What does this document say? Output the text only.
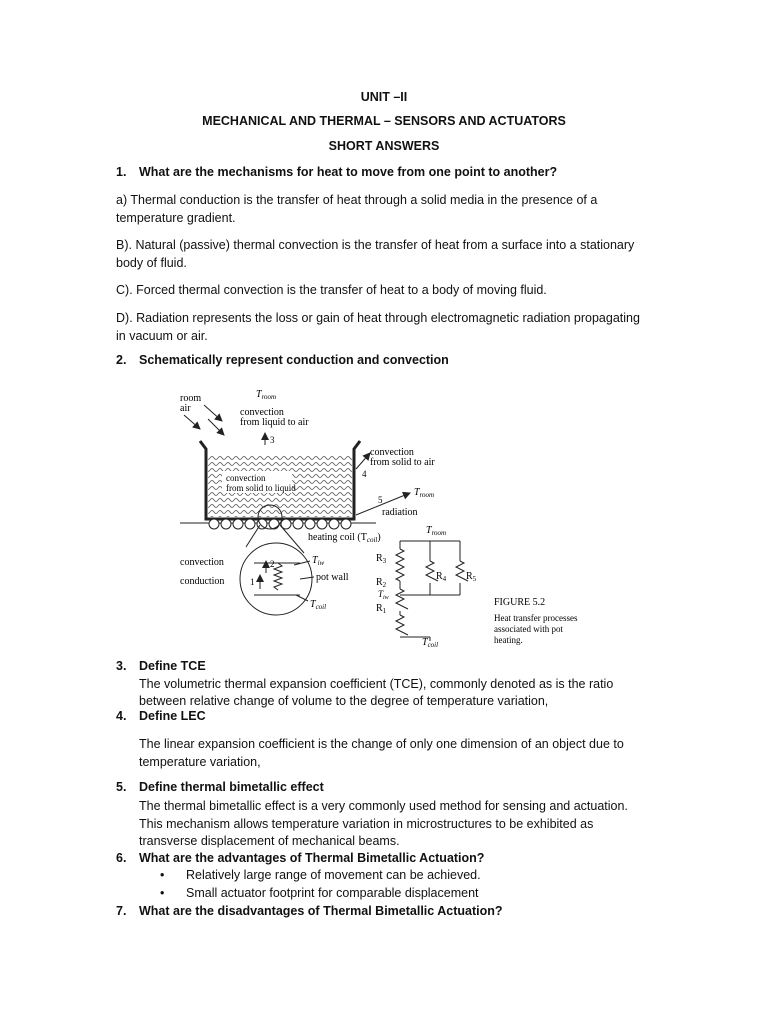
UNIT –II
MECHANICAL AND THERMAL – SENSORS AND ACTUATORS
SHORT ANSWERS
1. What are the mechanisms for heat to move from one point to another?
a) Thermal conduction is the transfer of heat through a solid media in the presence of a
temperature gradient.
B). Natural (passive) thermal convection is the transfer of heat from a surface into a stationary
body of fluid.
C). Forced thermal convection is the transfer of heat to a body of moving fluid.
D). Radiation represents the loss or gain of heat through electromagnetic radiation propagating
in vacuum or air.
2. Schematically represent conduction and convection
room
air
$T_{room}$
convection
from liquid to air
3
convection
from solid to liquid
convection
from solid to air
4
5
$T_{room}$
radiation
heating coil $(T_{coil})$
2
1
convection
conduction
$T_{iw}$
pot wall
$T_{coil}$
$T_{room}$
$R_3$
$R_2$
$T_{iw}$
$R_1$
$R_4$ $R_5$
$T_{coil}$
FIGURE 5.2
Heat transfer processes
associated with pot
heating.
3. Define TCE
The volumetric thermal expansion coefficient (TCE), commonly denoted as is the ratio
between relative change of volume to the degree of temperature variation,
4. Define LEC
The linear expansion coefficient is the change of only one dimension of an object due to
temperature variation,
5. Define thermal bimetallic effect
The thermal bimetallic effect is a very commonly used method for sensing and actuation.
This mechanism allows temperature variation in microstructures to be exhibited as
transverse displacement of mechanical beams.
6. What are the advantages of Thermal Bimetallic Actuation?
• Relatively large range of movement can be achieved.
• Small actuator footprint for comparable displacement
7. What are the disadvantages of Thermal Bimetallic Actuation?
